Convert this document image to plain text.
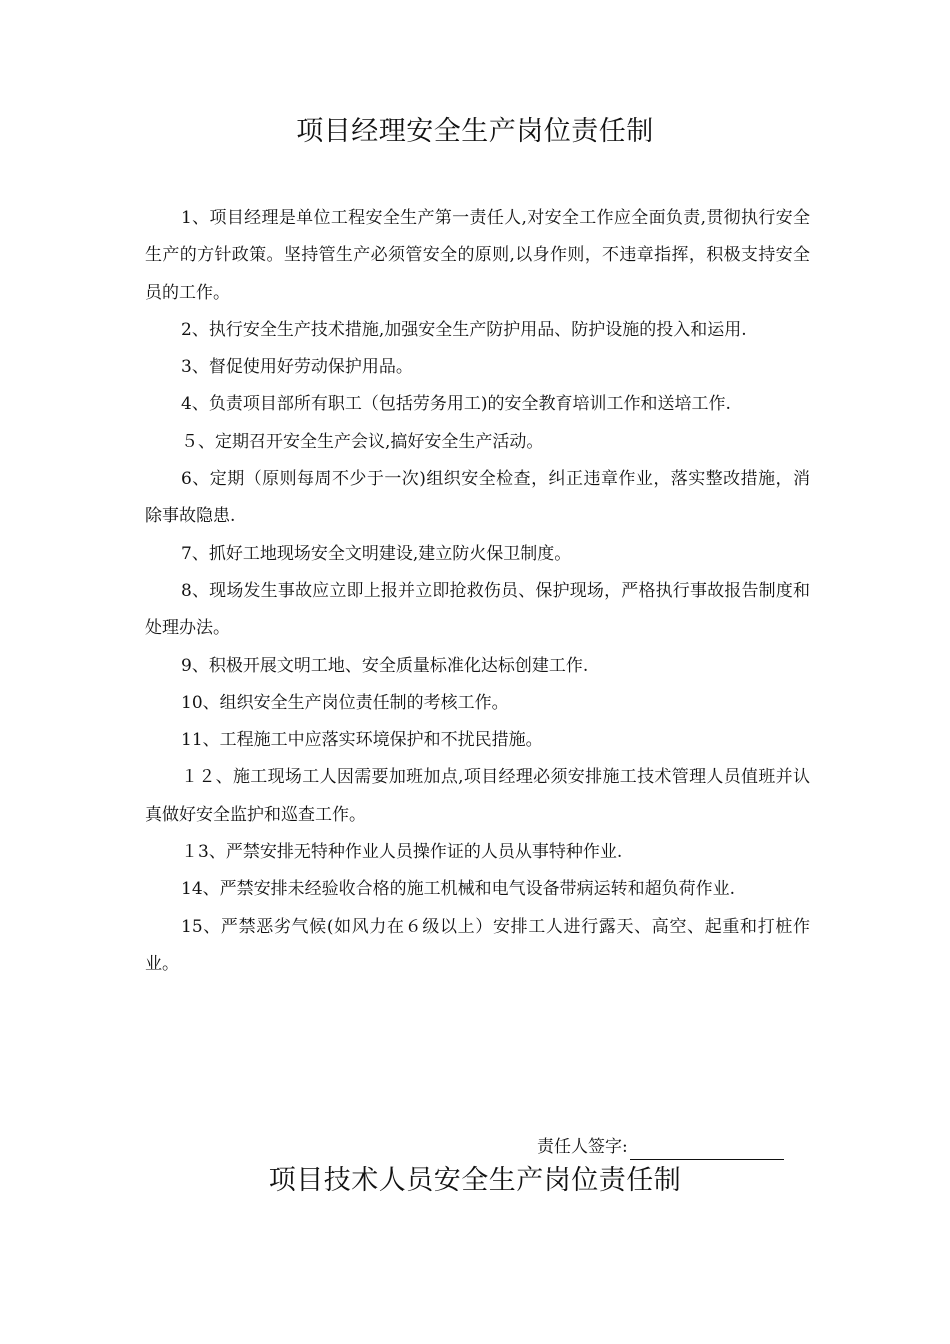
项目经理安全生产岗位责任制

1、项目经理是单位工程安全生产第一责任人,对安全工作应全面负责,贯彻执行安全生产的方针政策。坚持管生产必须管安全的原则,以身作则，不违章指挥，积极支持安全员的工作。

2、执行安全生产技术措施,加强安全生产防护用品、防护设施的投入和运用.

3、督促使用好劳动保护用品。

4、负责项目部所有职工（包括劳务用工)的安全教育培训工作和送培工作.

５、定期召开安全生产会议,搞好安全生产活动。

6、定期（原则每周不少于一次)组织安全检查，纠正违章作业，落实整改措施，消除事故隐患.

7、抓好工地现场安全文明建设,建立防火保卫制度。

8、现场发生事故应立即上报并立即抢救伤员、保护现场，严格执行事故报告制度和处理办法。

9、积极开展文明工地、安全质量标准化达标创建工作.

10、组织安全生产岗位责任制的考核工作。

11、工程施工中应落实环境保护和不扰民措施。

１２、施工现场工人因需要加班加点,项目经理必须安排施工技术管理人员值班并认真做好安全监护和巡查工作。

１3、严禁安排无特种作业人员操作证的人员从事特种作业.

14、严禁安排未经验收合格的施工机械和电气设备带病运转和超负荷作业.

15、严禁恶劣气候(如风力在６级以上）安排工人进行露天、高空、起重和打桩作业。

责任人签字:
项目技术人员安全生产岗位责任制
